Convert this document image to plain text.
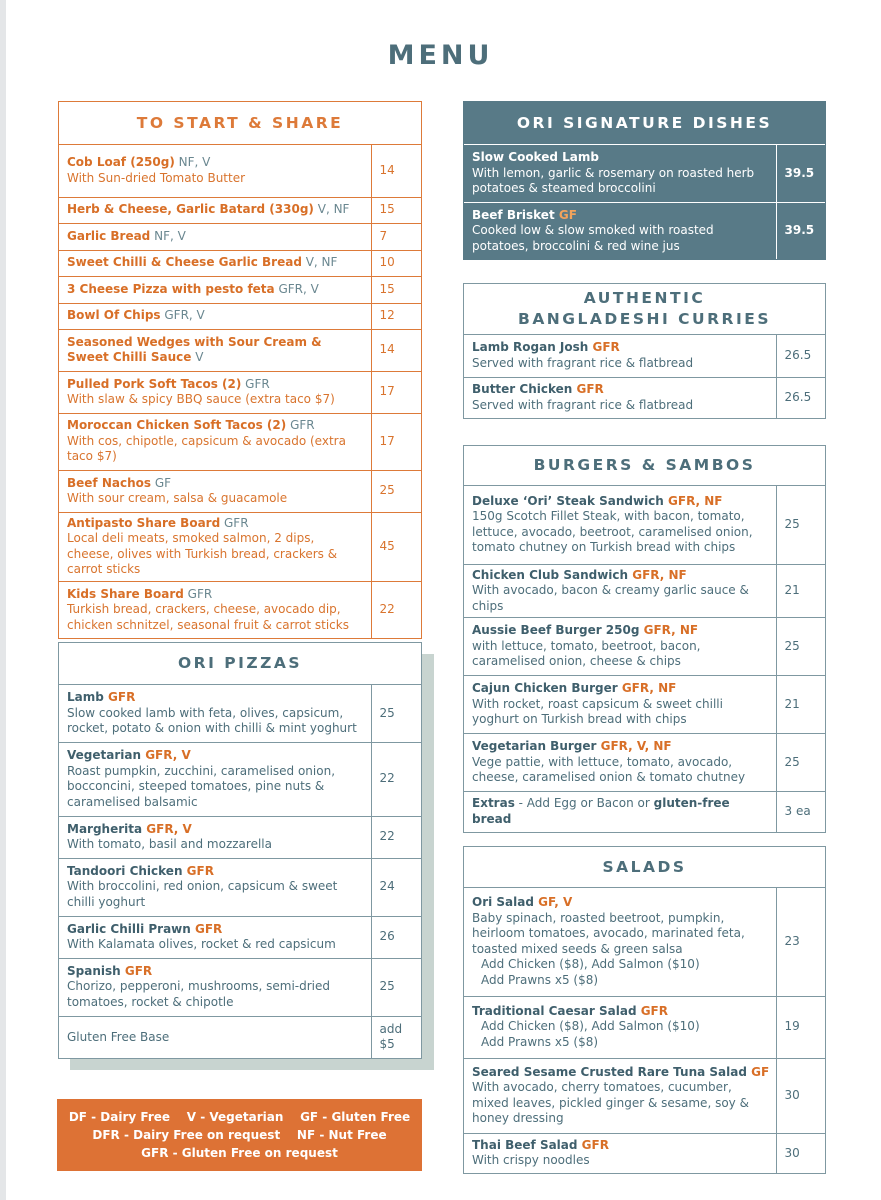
MENU
TO START & SHARE
Cob Loaf (250g) NF, V
With Sun-dried Tomato Butter	14
Herb & Cheese, Garlic Batard (330g) V, NF	15
Garlic Bread NF, V	7
Sweet Chilli & Cheese Garlic Bread V, NF	10
3 Cheese Pizza with pesto feta GFR, V	15
Bowl Of Chips GFR, V	12
Seasoned Wedges with Sour Cream & Sweet Chilli Sauce V	14
Pulled Pork Soft Tacos (2) GFR
With slaw & spicy BBQ sauce (extra taco $7)	17
Moroccan Chicken Soft Tacos (2) GFR
With cos, chipotle, capsicum & avocado (extra taco $7)	17
Beef Nachos GF
With sour cream, salsa & guacamole	25
Antipasto Share Board GFR
Local deli meats, smoked salmon, 2 dips, cheese, olives with Turkish bread, crackers & carrot sticks	45
Kids Share Board GFR
Turkish bread, crackers, cheese, avocado dip, chicken schnitzel, seasonal fruit & carrot sticks	22
ORI SIGNATURE DISHES
Slow Cooked Lamb
With lemon, garlic & rosemary on roasted herb potatoes & steamed broccolini	39.5
Beef Brisket GF
Cooked low & slow smoked with roasted potatoes, broccolini & red wine jus	39.5
AUTHENTIC
BANGLADESHI CURRIES
Lamb Rogan Josh GFR
Served with fragrant rice & flatbread	26.5
Butter Chicken GFR
Served with fragrant rice & flatbread	26.5
BURGERS & SAMBOS
Deluxe ‘Ori’ Steak Sandwich GFR, NF
150g Scotch Fillet Steak, with bacon, tomato, lettuce, avocado, beetroot, caramelised onion, tomato chutney on Turkish bread with chips	25
Chicken Club Sandwich GFR, NF
With avocado, bacon & creamy garlic sauce & chips	21
Aussie Beef Burger 250g GFR, NF
with lettuce, tomato, beetroot, bacon, caramelised onion, cheese & chips	25
Cajun Chicken Burger GFR, NF
With rocket, roast capsicum & sweet chilli yoghurt on Turkish bread with chips	21
Vegetarian Burger GFR, V, NF
Vege pattie, with lettuce, tomato, avocado, cheese, caramelised onion & tomato chutney	25
Extras - Add Egg or Bacon or gluten-free bread	3 ea
SALADS
Ori Salad GF, V
Baby spinach, roasted beetroot, pumpkin, heirloom tomatoes, avocado, marinated feta, toasted mixed seeds & green salsa
Add Chicken ($8), Add Salmon ($10)
Add Prawns x5 ($8)	23
Traditional Caesar Salad GFR
Add Chicken ($8), Add Salmon ($10)
Add Prawns x5 ($8)	19
Seared Sesame Crusted Rare Tuna Salad GF
With avocado, cherry tomatoes, cucumber, mixed leaves, pickled ginger & sesame, soy & honey dressing	30
Thai Beef Salad GFR
With crispy noodles	30
ORI PIZZAS
Lamb GFR
Slow cooked lamb with feta, olives, capsicum, rocket, potato & onion with chilli & mint yoghurt	25
Vegetarian GFR, V
Roast pumpkin, zucchini, caramelised onion, bocconcini, steeped tomatoes, pine nuts & caramelised balsamic	22
Margherita GFR, V
With tomato, basil and mozzarella	22
Tandoori Chicken GFR
With broccolini, red onion, capsicum & sweet chilli yoghurt	24
Garlic Chilli Prawn GFR
With Kalamata olives, rocket & red capsicum	26
Spanish GFR
Chorizo, pepperoni, mushrooms, semi-dried tomatoes, rocket & chipotle	25
Gluten Free Base	add
$5
DF - Dairy Free    V - Vegetarian    GF - Gluten Free
DFR - Dairy Free on request    NF - Nut Free
GFR - Gluten Free on request
